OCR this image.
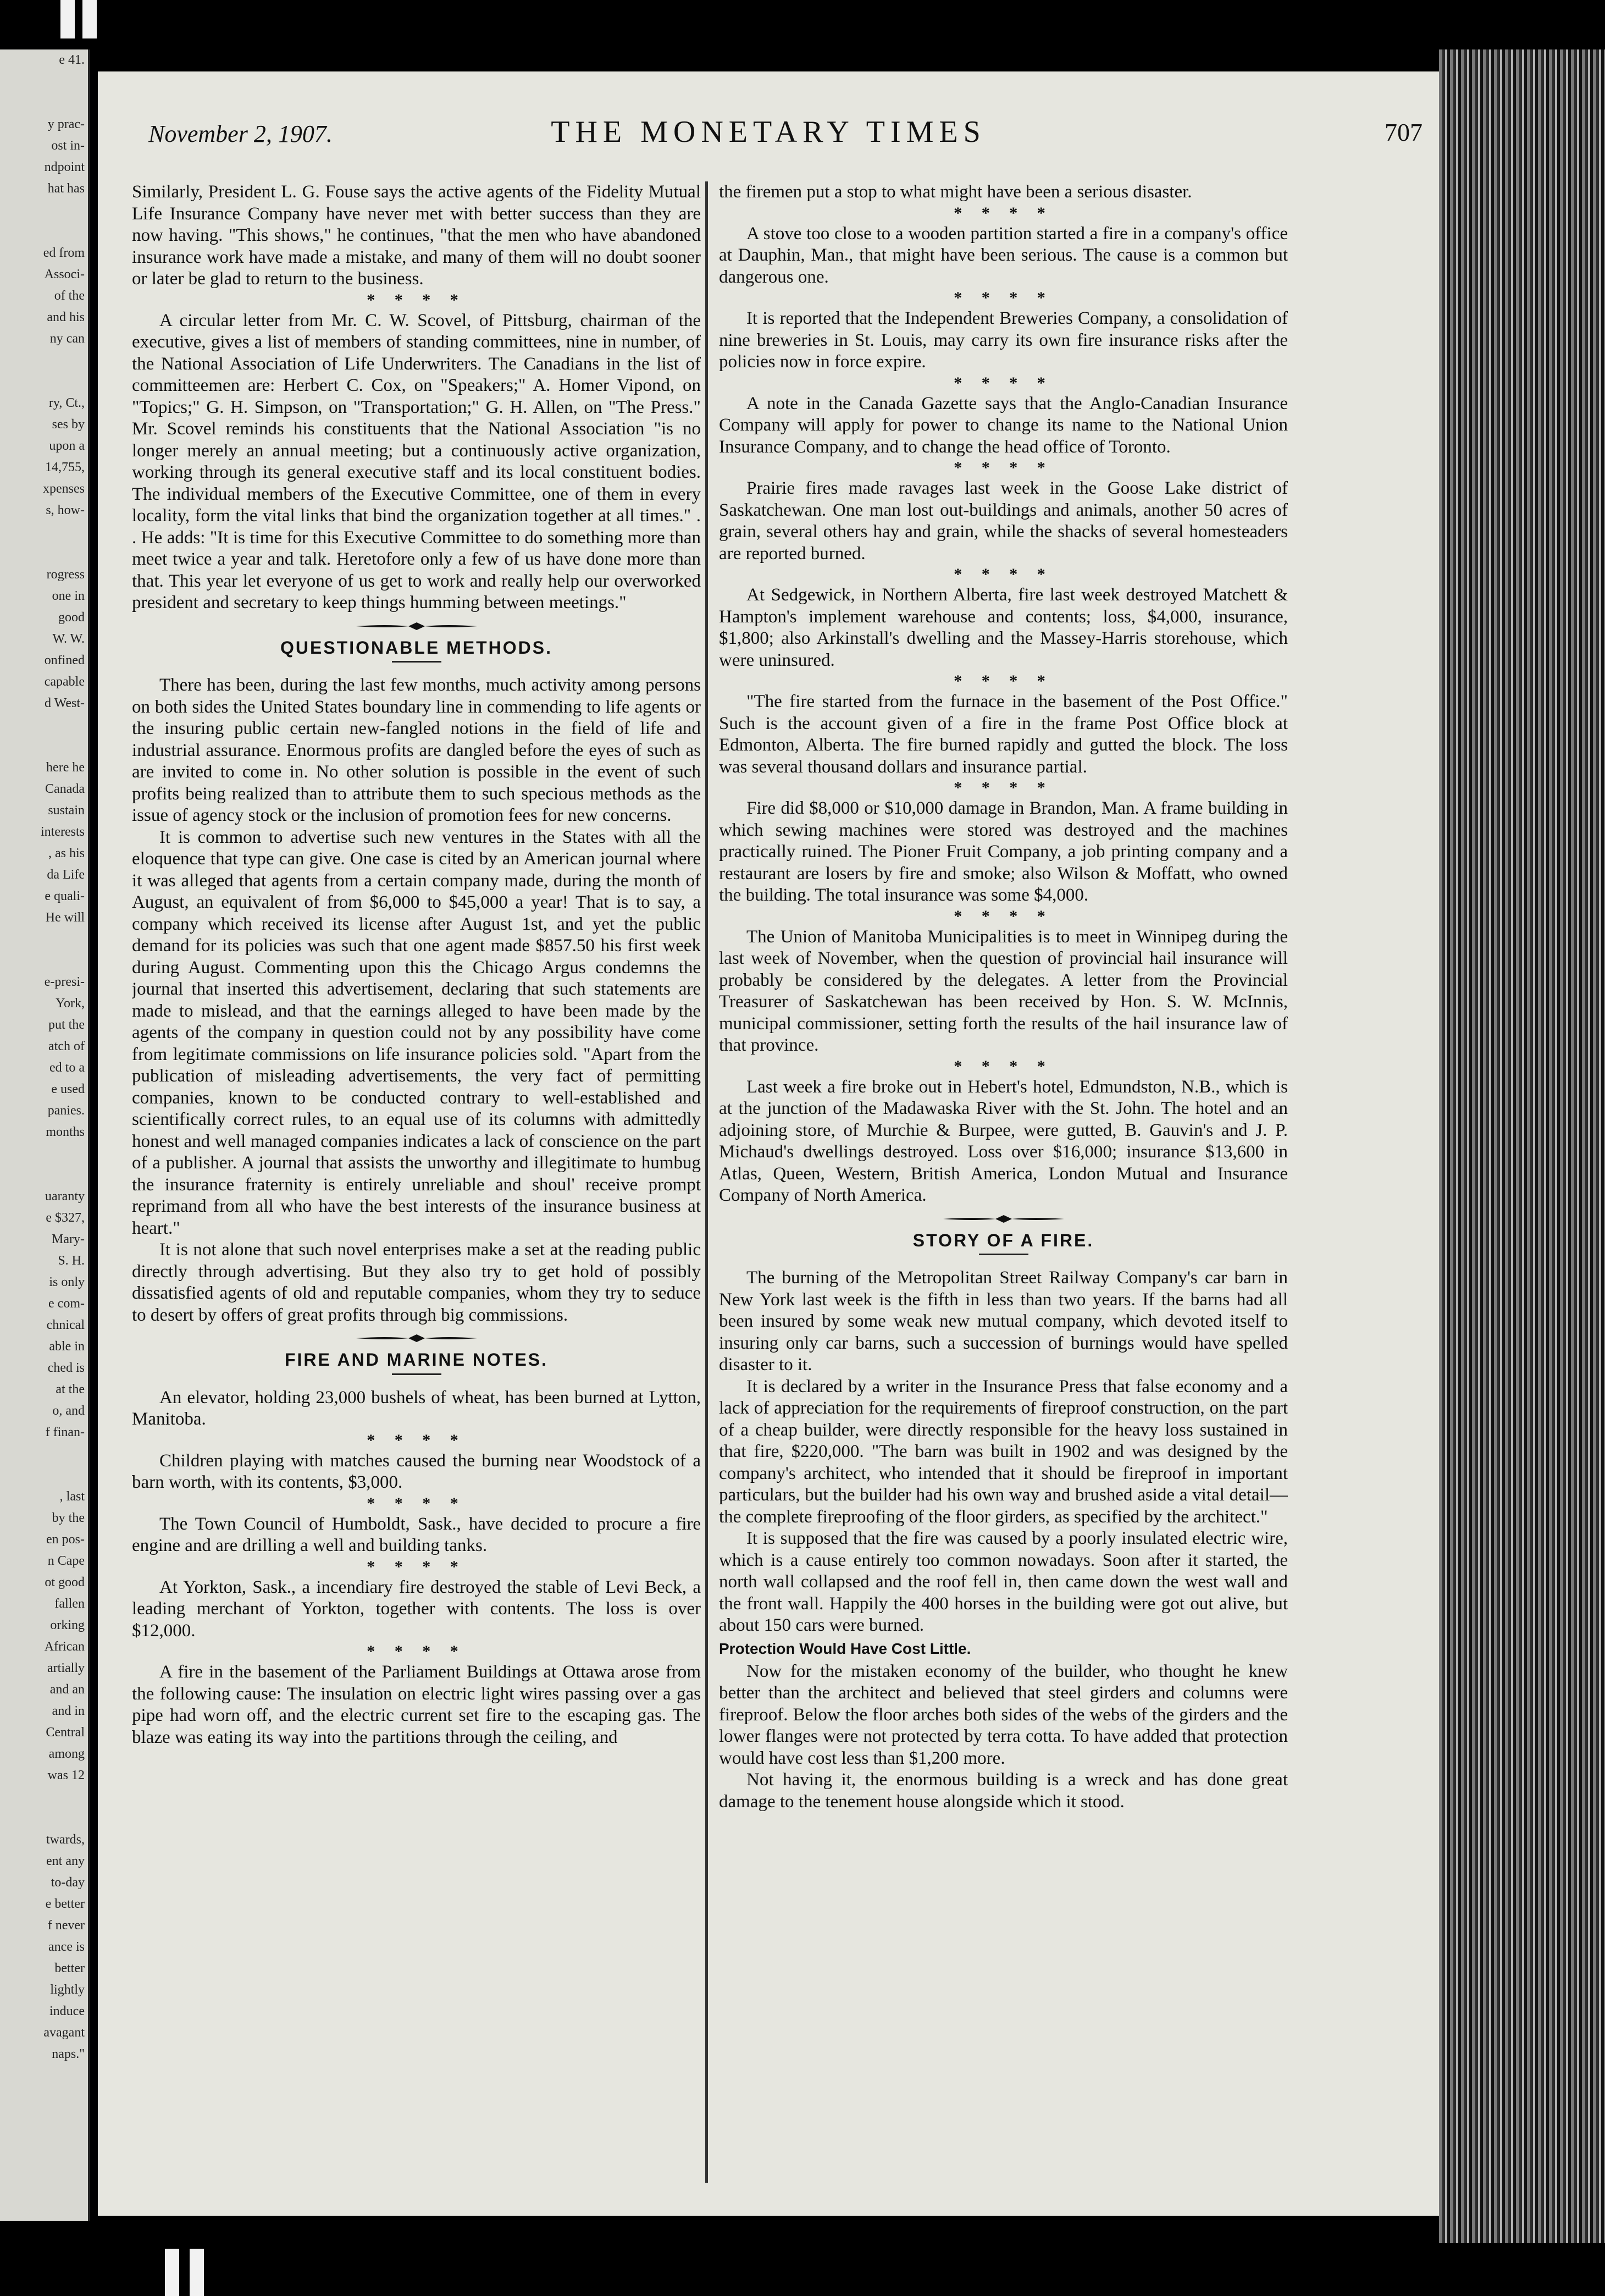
e 41.
y prac-
ost in-
ndpoint
hat has
ed from
Associ-
of the
and his
ny can
ry, Ct.,
ses by
upon a
14,755,
xpenses
s, how-
rogress
one in
good
W. W.
onfined
capable
d West-
here he
Canada
sustain
interests
, as his
da Life
e quali-
He will
e-presi-
York,
put the
atch of
ed to a
e used
panies.
months
uaranty
e $327,
Mary-
S. H.
is only
e com-
chnical
able in
ched is
at the
o, and
f finan-
, last
by the
en pos-
n Cape
ot good
fallen
orking
African
artially
and an
and in
Central
among
was 12
twards,
ent any
to-day
e better
f never
ance is
better
lightly
induce
avagant
naps."
November 2, 1907.	THE MONETARY TIMES	707

Similarly, President L. G. Fouse says the active agents of the Fidelity Mutual Life Insurance Company have never met with better success than they are now having. "This shows," he continues, "that the men who have abandoned insurance work have made a mistake, and many of them will no doubt sooner or later be glad to return to the business.

* * * *

A circular letter from Mr. C. W. Scovel, of Pittsburg, chairman of the executive, gives a list of members of standing committees, nine in number, of the National Association of Life Underwriters. The Canadians in the list of committeemen are: Herbert C. Cox, on "Speakers;" A. Homer Vipond, on "Topics;" G. H. Simpson, on "Transportation;" G. H. Allen, on "The Press." Mr. Scovel reminds his constituents that the National Association "is no longer merely an annual meeting; but a continuously active organization, working through its general executive staff and its local constituent bodies. The individual members of the Executive Committee, one of them in every locality, form the vital links that bind the organization together at all times." . . He adds: "It is time for this Executive Committee to do something more than meet twice a year and talk. Heretofore only a few of us have done more than that. This year let everyone of us get to work and really help our overworked president and secretary to keep things humming between meetings."

QUESTIONABLE METHODS.

There has been, during the last few months, much activity among persons on both sides the United States boundary line in commending to life agents or the insuring public certain new-fangled notions in the field of life and industrial assurance. Enormous profits are dangled before the eyes of such as are invited to come in. No other solution is possible in the event of such profits being realized than to attribute them to such specious methods as the issue of agency stock or the inclusion of promotion fees for new concerns.

It is common to advertise such new ventures in the States with all the eloquence that type can give. One case is cited by an American journal where it was alleged that agents from a certain company made, during the month of August, an equivalent of from $6,000 to $45,000 a year! That is to say, a company which received its license after August 1st, and yet the public demand for its policies was such that one agent made $857.50 his first week during August. Commenting upon this the Chicago Argus condemns the journal that inserted this advertisement, declaring that such statements are made to mislead, and that the earnings alleged to have been made by the agents of the company in question could not by any possibility have come from legitimate commissions on life insurance policies sold. "Apart from the publication of misleading advertisements, the very fact of permitting companies, known to be conducted contrary to well-established and scientifically correct rules, to an equal use of its columns with admittedly honest and well managed companies indicates a lack of conscience on the part of a publisher. A journal that assists the unworthy and illegitimate to humbug the insurance fraternity is entirely unreliable and shoul' receive prompt reprimand from all who have the best interests of the insurance business at heart."

It is not alone that such novel enterprises make a set at the reading public directly through advertising. But they also try to get hold of possibly dissatisfied agents of old and reputable companies, whom they try to seduce to desert by offers of great profits through big commissions.

FIRE AND MARINE NOTES.

An elevator, holding 23,000 bushels of wheat, has been burned at Lytton, Manitoba.

* * * *

Children playing with matches caused the burning near Woodstock of a barn worth, with its contents, $3,000.

* * * *

The Town Council of Humboldt, Sask., have decided to procure a fire engine and are drilling a well and building tanks.

* * * *

At Yorkton, Sask., a incendiary fire destroyed the stable of Levi Beck, a leading merchant of Yorkton, together with contents. The loss is over $12,000.

* * * *

A fire in the basement of the Parliament Buildings at Ottawa arose from the following cause: The insulation on electric light wires passing over a gas pipe had worn off, and the electric current set fire to the escaping gas. The blaze was eating its way into the partitions through the ceiling, and

the firemen put a stop to what might have been a serious disaster.

* * * *

A stove too close to a wooden partition started a fire in a company's office at Dauphin, Man., that might have been serious. The cause is a common but dangerous one.

* * * *

It is reported that the Independent Breweries Company, a consolidation of nine breweries in St. Louis, may carry its own fire insurance risks after the policies now in force expire.

* * * *

A note in the Canada Gazette says that the Anglo-Canadian Insurance Company will apply for power to change its name to the National Union Insurance Company, and to change the head office of Toronto.

* * * *

Prairie fires made ravages last week in the Goose Lake district of Saskatchewan. One man lost out-buildings and animals, another 50 acres of grain, several others hay and grain, while the shacks of several homesteaders are reported burned.

* * * *

At Sedgewick, in Northern Alberta, fire last week destroyed Matchett & Hampton's implement warehouse and contents; loss, $4,000, insurance, $1,800; also Arkinstall's dwelling and the Massey-Harris storehouse, which were uninsured.

* * * *

"The fire started from the furnace in the basement of the Post Office." Such is the account given of a fire in the frame Post Office block at Edmonton, Alberta. The fire burned rapidly and gutted the block. The loss was several thousand dollars and insurance partial.

* * * *

Fire did $8,000 or $10,000 damage in Brandon, Man. A frame building in which sewing machines were stored was destroyed and the machines practically ruined. The Pioner Fruit Company, a job printing company and a restaurant are losers by fire and smoke; also Wilson & Moffatt, who owned the building. The total insurance was some $4,000.

* * * *

The Union of Manitoba Municipalities is to meet in Winnipeg during the last week of November, when the question of provincial hail insurance will probably be considered by the delegates. A letter from the Provincial Treasurer of Saskatchewan has been received by Hon. S. W. McInnis, municipal commissioner, setting forth the results of the hail insurance law of that province.

* * * *

Last week a fire broke out in Hebert's hotel, Edmundston, N.B., which is at the junction of the Madawaska River with the St. John. The hotel and an adjoining store, of Murchie & Burpee, were gutted, B. Gauvin's and J. P. Michaud's dwellings destroyed. Loss over $16,000; insurance $13,600 in Atlas, Queen, Western, British America, London Mutual and Insurance Company of North America.

STORY OF A FIRE.

The burning of the Metropolitan Street Railway Company's car barn in New York last week is the fifth in less than two years. If the barns had all been insured by some weak new mutual company, which devoted itself to insuring only car barns, such a succession of burnings would have spelled disaster to it.

It is declared by a writer in the Insurance Press that false economy and a lack of appreciation for the requirements of fireproof construction, on the part of a cheap builder, were directly responsible for the heavy loss sustained in that fire, $220,000. "The barn was built in 1902 and was designed by the company's architect, who intended that it should be fireproof in important particulars, but the builder had his own way and brushed aside a vital detail—the complete fireproofing of the floor girders, as specified by the architect."

It is supposed that the fire was caused by a poorly insulated electric wire, which is a cause entirely too common nowadays. Soon after it started, the north wall collapsed and the roof fell in, then came down the west wall and the front wall. Happily the 400 horses in the building were got out alive, but about 150 cars were burned.

Protection Would Have Cost Little.

Now for the mistaken economy of the builder, who thought he knew better than the architect and believed that steel girders and columns were fireproof. Below the floor arches both sides of the webs of the girders and the lower flanges were not protected by terra cotta. To have added that protection would have cost less than $1,200 more.

Not having it, the enormous building is a wreck and has done great damage to the tenement house alongside which it stood.
